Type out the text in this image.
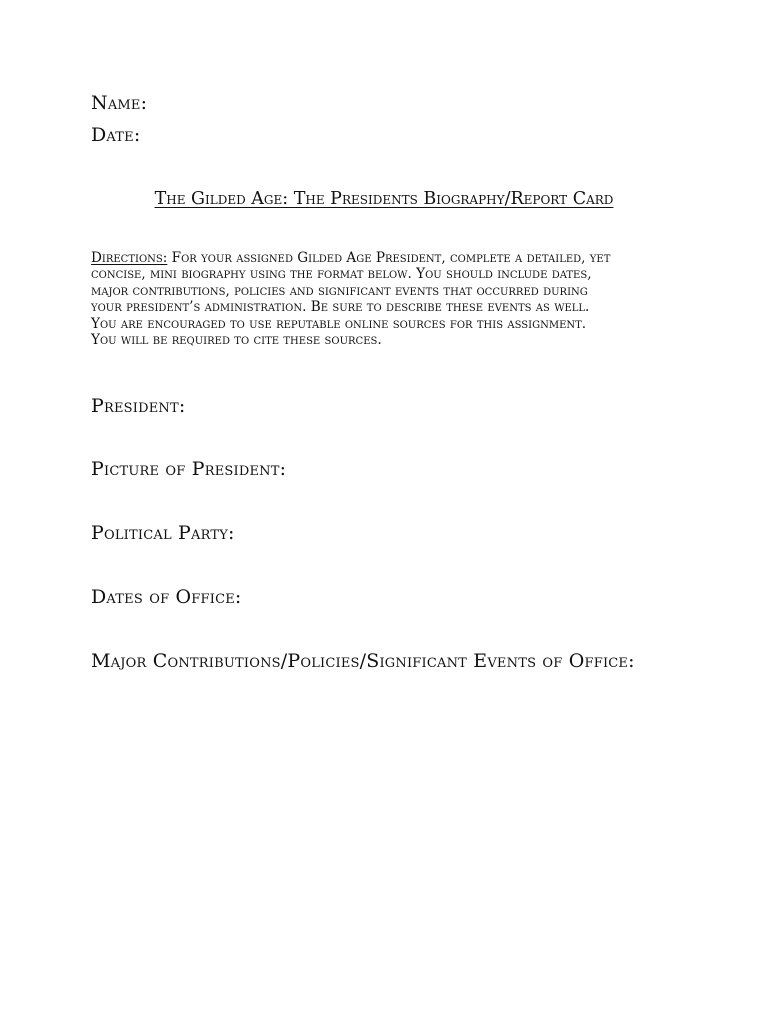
Name:
Date:
The Gilded Age: The Presidents Biography/Report Card

Directions: For your assigned Gilded Age President, complete a detailed, yet

concise, mini biography using the format below. You should include dates,

major contributions, policies and significant events that occurred during

your president’s administration. Be sure to describe these events as well.

You are encouraged to use reputable online sources for this assignment.

You will be required to cite these sources.

President:
Picture of President:
Political Party:
Dates of Office:
Major Contributions/Policies/Significant Events of Office:
